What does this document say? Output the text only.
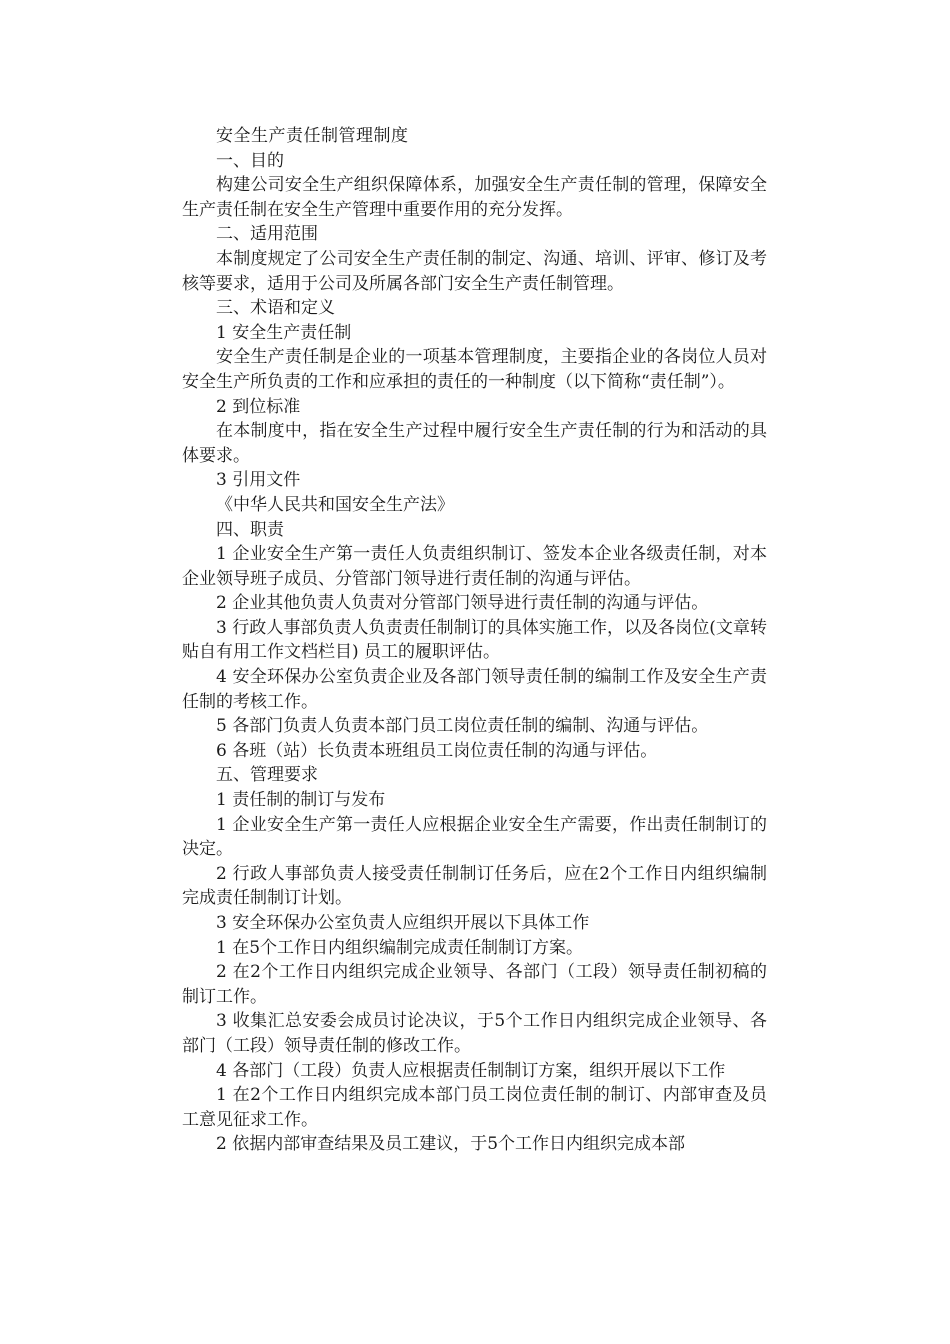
安全生产责任制管理制度

一、目的

构建公司安全生产组织保障体系，加强安全生产责任制的管理，保障安全生产责任制在安全生产管理中重要作用的充分发挥。

二、适用范围

本制度规定了公司安全生产责任制的制定、沟通、培训、评审、修订及考核等要求，适用于公司及所属各部门安全生产责任制管理。

三、术语和定义

1 安全生产责任制

安全生产责任制是企业的一项基本管理制度，主要指企业的各岗位人员对安全生产所负责的工作和应承担的责任的一种制度（以下简称“责任制”）。

2 到位标准

在本制度中，指在安全生产过程中履行安全生产责任制的行为和活动的具体要求。

3 引用文件

《中华人民共和国安全生产法》

四、职责

1 企业安全生产第一责任人负责组织制订、签发本企业各级责任制，对本企业领导班子成员、分管部门领导进行责任制的沟通与评估。

2 企业其他负责人负责对分管部门领导进行责任制的沟通与评估。

3 行政人事部负责人负责责任制制订的具体实施工作，以及各岗位(文章转贴自有用工作文档栏目) 员工的履职评估。

4 安全环保办公室负责企业及各部门领导责任制的编制工作及安全生产责任制的考核工作。

5 各部门负责人负责本部门员工岗位责任制的编制、沟通与评估。

6 各班（站）长负责本班组员工岗位责任制的沟通与评估。

五、管理要求

1 责任制的制订与发布

1 企业安全生产第一责任人应根据企业安全生产需要，作出责任制制订的决定。

2 行政人事部负责人接受责任制制订任务后，应在2个工作日内组织编制完成责任制制订计划。

3 安全环保办公室负责人应组织开展以下具体工作

1 在5个工作日内组织编制完成责任制制订方案。

2 在2个工作日内组织完成企业领导、各部门（工段）领导责任制初稿的制订工作。

3 收集汇总安委会成员讨论决议，于5个工作日内组织完成企业领导、各部门（工段）领导责任制的修改工作。

4 各部门（工段）负责人应根据责任制制订方案，组织开展以下工作

1 在2个工作日内组织完成本部门员工岗位责任制的制订、内部审查及员工意见征求工作。

2 依据内部审查结果及员工建议，于5个工作日内组织完成本部
